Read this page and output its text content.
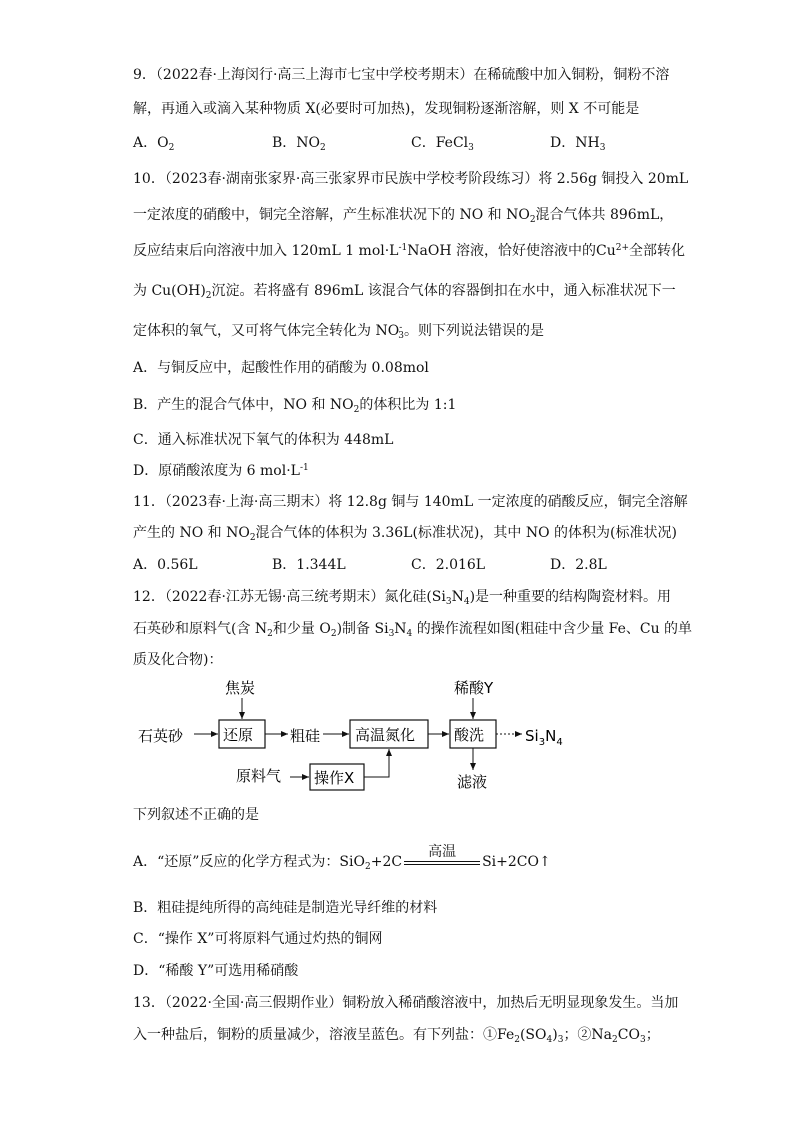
9．（2022春·上海闵行·高三上海市七宝中学校考期末）在稀硫酸中加入铜粉，铜粉不溶
解，再通入或滴入某种物质 X(必要时可加热)，发现铜粉逐渐溶解，则 X 不可能是
A．$O_2$	B．$NO_2$	C．FeCl$_3$	D．$NH_3$
10．（2023春·湖南张家界·高三张家界市民族中学校考阶段练习）将 2.56g 铜投入 20mL
一定浓度的硝酸中，铜完全溶解，产生标准状况下的 NO 和 $NO_2$混合气体共 896mL，
反应结束后向溶液中加入 120mL 1 $mol\cdot L^{-1}NaOH$ 溶液，恰好使溶液中的$Cu^{2+}$全部转化
为 $Cu(OH)_2$沉淀。若将盛有 896mL 该混合气体的容器倒扣在水中，通入标准状况下一
定体积的氧气，又可将气体完全转化为 $NO^-_3$。则下列说法错误的是
A．与铜反应中，起酸性作用的硝酸为 0.08mol
B．产生的混合气体中，NO 和 $NO_2$的体积比为 1:1
C．通入标准状况下氧气的体积为 448mL
D．原硝酸浓度为 6 $mol\cdot L^{-1}$
11．（2023春·上海·高三期末）将 12.8g 铜与 140mL 一定浓度的硝酸反应，铜完全溶解
产生的 NO 和 $NO_2$混合气体的体积为 3.36L(标准状况)，其中 NO 的体积为(标准状况)
A．0.56L	B．1.344L	C．2.016L	D．2.8L
12．（2022春·江苏无锡·高三统考期末）氮化硅$(Si_3N_4)$是一种重要的结构陶瓷材料。用
石英砂和原料气(含 $N_2$和少量 $O_2$)制备 $Si_3N_4$ 的操作流程如图(粗硅中含少量 Fe、Cu 的单
质及化合物)：
焦炭
石英砂	粗硅
稀酸Y
原料气	滤液
$Si_3N_4$
还原	高温氮化	酸洗
操作X
下列叙述不正确的是
A．“还原”反应的化学方程式为：SiO$_2$+2C
高温
Si+2CO↑
B．粗硅提纯所得的高纯硅是制造光导纤维的材料
C．“操作 X”可将原料气通过灼热的铜网
D．“稀酸 Y”可选用稀硝酸
13．（2022·全国·高三假期作业）铜粉放入稀硝酸溶液中，加热后无明显现象发生。当加
入一种盐后，铜粉的质量减少，溶液呈蓝色。有下列盐：$①Fe_2(SO_4)_3$；$②Na_2CO_3$；
